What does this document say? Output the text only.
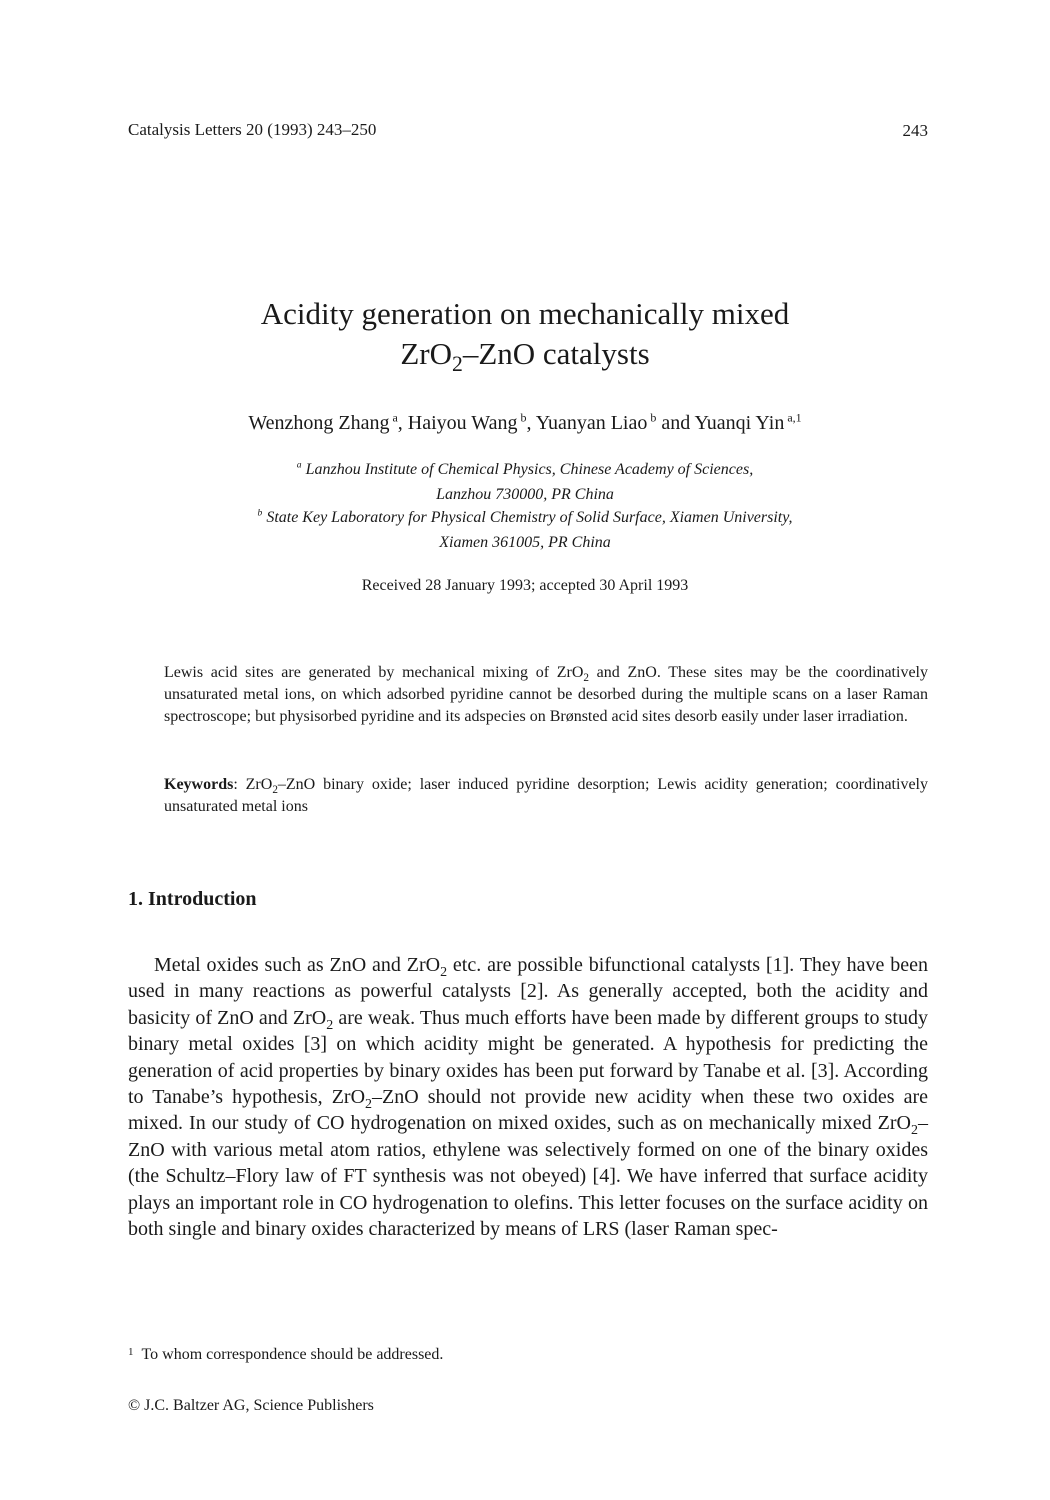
Catalysis Letters 20 (1993) 243–250	243
Acidity generation on mechanically mixed
ZrO$_2$–ZnO catalysts
Wenzhong Zhang $^a$, Haiyou Wang $^b$, Yuanyan Liao $^b$ and Yuanqi Yin $^{a,1}$
$^a$ Lanzhou Institute of Chemical Physics, Chinese Academy of Sciences,
Lanzhou 730000, PR China
$^b$ State Key Laboratory for Physical Chemistry of Solid Surface, Xiamen University,
Xiamen 361005, PR China
Received 28 January 1993; accepted 30 April 1993
Lewis acid sites are generated by mechanical mixing of ZrO$_2$ and ZnO. These sites may be the coordinatively unsaturated metal ions, on which adsorbed pyridine cannot be desorbed during the multiple scans on a laser Raman spectroscope; but physisorbed pyridine and its adspecies on Brønsted acid sites desorb easily under laser irradiation.
Keywords: ZrO$_2$–ZnO binary oxide; laser induced pyridine desorption; Lewis acidity generation; coordinatively unsaturated metal ions
1. Introduction
Metal oxides such as ZnO and ZrO$_2$ etc. are possible bifunctional catalysts [1]. They have been used in many reactions as powerful catalysts [2]. As generally accepted, both the acidity and basicity of ZnO and ZrO$_2$ are weak. Thus much efforts have been made by different groups to study binary metal oxides [3] on which acidity might be generated. A hypothesis for predicting the generation of acid properties by binary oxides has been put forward by Tanabe et al. [3]. According to Tanabe’s hypothesis, ZrO$_2$–ZnO should not provide new acidity when these two oxides are mixed. In our study of CO hydrogenation on mixed oxides, such as on mechanically mixed ZrO$_2$–ZnO with various metal atom ratios, ethylene was selectively formed on one of the binary oxides (the Schultz–Flory law of FT synthesis was not obeyed) [4]. We have inferred that surface acidity plays an important role in CO hydrogenation to olefins. This letter focuses on the surface acidity on both single and binary oxides characterized by means of LRS (laser Raman spec-
$^1$ To whom correspondence should be addressed.
© J.C. Baltzer AG, Science Publishers
